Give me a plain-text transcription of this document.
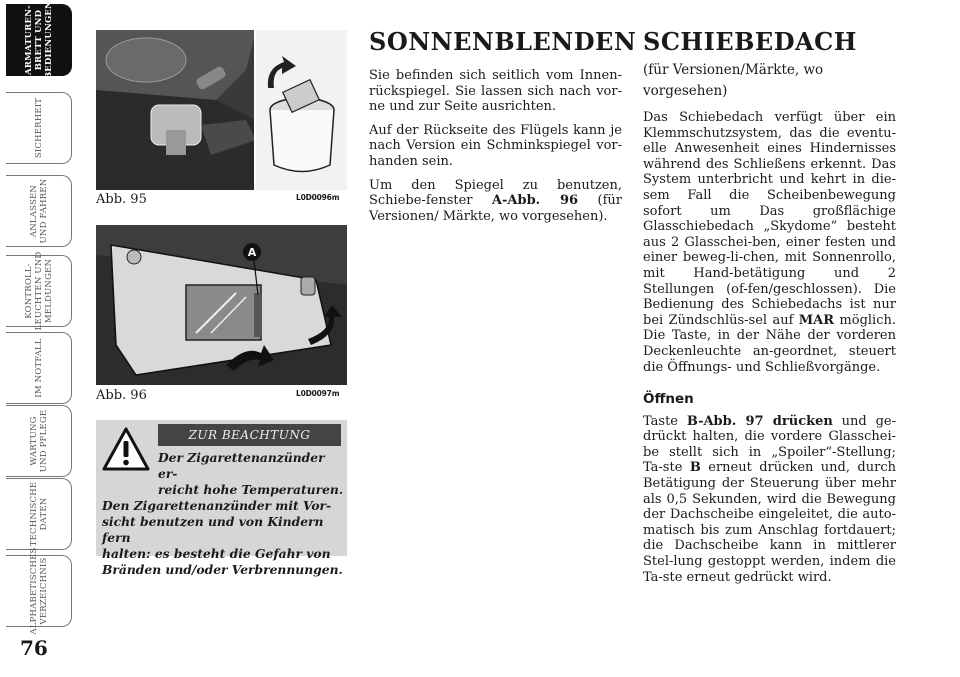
ARMATUREN-
BRETT UND
BEDIENUNGEN
SICHERHEIT
ANLASSEN
UND FAHREN
KONTROLL-
LEUCHTEN UND
MELDUNGEN
IM NOTFALL
WARTUNG
UND PFLEGE
TECHNISCHE
DATEN
ALPHABETISCHES
VERZEICHNIS
76
Abb. 95	L0D0096m
A
Abb. 96	L0D0097m
ZUR BEACHTUNG
Der Zigarettenanzünder er-
reicht hohe Temperaturen.
Den Zigarettenanzünder mit Vor-
sicht benutzen und von Kindern fern
halten: es besteht die Gefahr von
Bränden und/oder Verbrennungen.
SONNENBLENDEN

Sie befinden sich seitlich vom Innen-rückspiegel. Sie lassen sich nach vor-ne und zur Seite ausrichten.

Auf der Rückseite des Flügels kann je nach Version ein Schminkspiegel vor-handen sein.

Um den Spiegel zu benutzen, Schiebe-fenster A-Abb. 96 (für Versionen/ Märkte, wo vorgesehen).

SCHIEBEDACH

(für Versionen/Märkte, wo vorgesehen)

Das Schiebedach verfügt über ein Klemmschutzsystem, das die eventu-elle Anwesenheit eines Hindernisses während des Schließens erkennt. Das System unterbricht und kehrt in die-sem Fall die Scheibenbewegung sofort um Das großflächige Glasschiebedach „Skydome“ besteht aus 2 Glasschei-ben, einer festen und einer beweg-li-chen, mit Sonnenrollo, mit Hand-betätigung und 2 Stellungen (of-fen/geschlossen). Die Bedienung des Schiebedachs ist nur bei Zündschlüs-sel auf MAR möglich. Die Taste, in der Nähe der vorderen Deckenleuchte an-geordnet, steuert die Öffnungs- und Schließvorgänge.

Öffnen

Taste B-Abb. 97 drücken und ge-drückt halten, die vordere Glasschei-be stellt sich in „Spoiler“-Stellung; Ta-ste B erneut drücken und, durch Betätigung der Steuerung über mehr als 0,5 Sekunden, wird die Bewegung der Dachscheibe eingeleitet, die auto-matisch bis zum Anschlag fortdauert; die Dachscheibe kann in mittlerer Stel-lung gestoppt werden, indem die Ta-ste erneut gedrückt wird.
